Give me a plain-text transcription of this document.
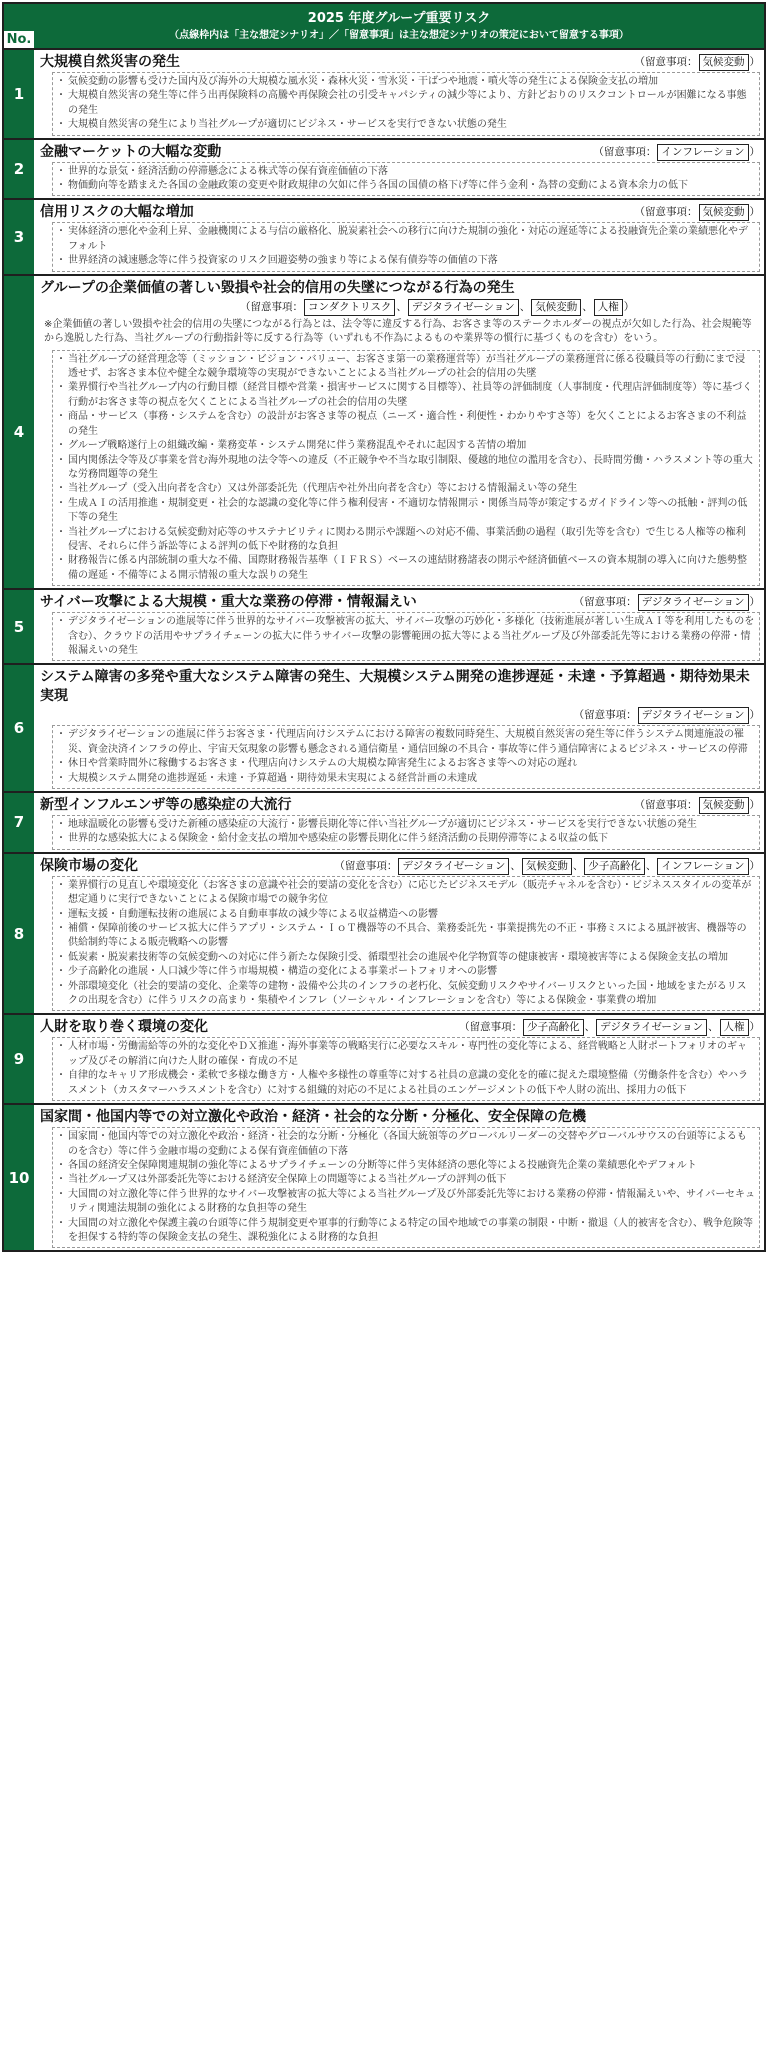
No.
2025 年度グループ重要リスク
（点線枠内は「主な想定シナリオ」／「留意事項」は主な想定シナリオの策定において留意する事項）
1
大規模自然災害の発生	（留意事項： 気候変動 ）
・ 気候変動の影響も受けた国内及び海外の大規模な風水災・森林火災・雪氷災・干ばつや地震・噴火等の発生による保険金支払の増加
・ 大規模自然災害の発生等に伴う出再保険料の高騰や再保険会社の引受キャパシティの減少等により、方針どおりのリスクコントロールが困難になる事態の発生
・ 大規模自然災害の発生により当社グループが適切にビジネス・サービスを実行できない状態の発生
2
金融マーケットの大幅な変動	（留意事項： インフレーション ）
・ 世界的な景気・経済活動の停滞懸念による株式等の保有資産価値の下落
・ 物価動向等を踏まえた各国の金融政策の変更や財政規律の欠如に伴う各国の国債の格下げ等に伴う金利・為替の変動による資本余力の低下
3
信用リスクの大幅な増加	（留意事項： 気候変動 ）
・ 実体経済の悪化や金利上昇、金融機関による与信の厳格化、脱炭素社会への移行に向けた規制の強化・対応の遅延等による投融資先企業の業績悪化やデフォルト
・ 世界経済の減速懸念等に伴う投資家のリスク回避姿勢の強まり等による保有債券等の価値の下落
4
グループの企業価値の著しい毀損や社会的信用の失墜につながる行為の発生
（留意事項： コンダクトリスク 、 デジタライゼーション 、 気候変動 、 人権 ）
※企業価値の著しい毀損や社会的信用の失墜につながる行為とは、法令等に違反する行為、お客さま等のステークホルダーの視点が欠如した行為、社会規範等から逸脱した行為、当社グループの行動指針等に反する行為等（いずれも不作為によるものや業界等の慣行に基づくものを含む）をいう。
・ 当社グループの経営理念等（ミッション・ビジョン・バリュー、お客さま第一の業務運営等）が当社グループの業務運営に係る役職員等の行動にまで浸透せず、お客さま本位や健全な競争環境等の実現ができないことによる当社グループの社会的信用の失墜
・ 業界慣行や当社グループ内の行動目標（経営目標や営業・損害サービスに関する目標等）、社員等の評価制度（人事制度・代理店評価制度等）等に基づく行動がお客さま等の視点を欠くことによる当社グループの社会的信用の失墜
・ 商品・サービス（事務・システムを含む）の設計がお客さま等の視点（ニーズ・適合性・利便性・わかりやすさ等）を欠くことによるお客さまの不利益の発生
・ グループ戦略遂行上の組織改編・業務変革・システム開発に伴う業務混乱やそれに起因する苦情の増加
・ 国内関係法令等及び事業を営む海外現地の法令等への違反（不正競争や不当な取引制限、優越的地位の濫用を含む）、長時間労働・ハラスメント等の重大な労務問題等の発生
・ 当社グループ（受入出向者を含む）又は外部委託先（代理店や社外出向者を含む）等における情報漏えい等の発生
・ 生成ＡＩの活用推進・規制変更・社会的な認識の変化等に伴う権利侵害・不適切な情報開示・関係当局等が策定するガイドライン等への抵触・評判の低下等の発生
・ 当社グループにおける気候変動対応等のサステナビリティに関わる開示や課題への対応不備、事業活動の過程（取引先等を含む）で生じる人権等の権利侵害、それらに伴う訴訟等による評判の低下や財務的な負担
・ 財務報告に係る内部統制の重大な不備、国際財務報告基準（ＩＦＲＳ）ベースの連結財務諸表の開示や経済価値ベースの資本規制の導入に向けた態勢整備の遅延・不備等による開示情報の重大な誤りの発生
5
サイバー攻撃による大規模・重大な業務の停滞・情報漏えい	（留意事項： デジタライゼーション ）
・ デジタライゼーションの進展等に伴う世界的なサイバー攻撃被害の拡大、サイバー攻撃の巧妙化・多様化（技術進展が著しい生成ＡＩ等を利用したものを含む）、クラウドの活用やサプライチェーンの拡大に伴うサイバー攻撃の影響範囲の拡大等による当社グループ及び外部委託先等における業務の停滞・情報漏えいの発生
6
システム障害の多発や重大なシステム障害の発生、大規模システム開発の進捗遅延・未達・予算超過・期待効果未実現
（留意事項： デジタライゼーション ）
・ デジタライゼーションの進展に伴うお客さま・代理店向けシステムにおける障害の複数同時発生、大規模自然災害の発生等に伴うシステム関連施設の罹災、資金決済インフラの停止、宇宙天気現象の影響も懸念される通信衛星・通信回線の不具合・事故等に伴う通信障害によるビジネス・サービスの停滞
・ 休日や営業時間外に稼働するお客さま・代理店向けシステムの大規模な障害発生によるお客さま等への対応の遅れ
・ 大規模システム開発の進捗遅延・未達・予算超過・期待効果未実現による経営計画の未達成
7
新型インフルエンザ等の感染症の大流行	（留意事項： 気候変動 ）
・ 地球温暖化の影響も受けた新種の感染症の大流行・影響長期化等に伴い当社グループが適切にビジネス・サービスを実行できない状態の発生
・ 世界的な感染拡大による保険金・給付金支払の増加や感染症の影響長期化に伴う経済活動の長期停滞等による収益の低下
8
保険市場の変化	（留意事項： デジタライゼーション 、 気候変動 、 少子高齢化 、 インフレーション ）
・ 業界慣行の見直しや環境変化（お客さまの意識や社会的要請の変化を含む）に応じたビジネスモデル（販売チャネルを含む）・ビジネススタイルの変革が想定通りに実行できないことによる保険市場での競争劣位
・ 運転支援・自動運転技術の進展による自動車事故の減少等による収益構造への影響
・ 補償・保障前後のサービス拡大に伴うアプリ・システム・ＩｏＴ機器等の不具合、業務委託先・事業提携先の不正・事務ミスによる風評被害、機器等の供給制約等による販売戦略への影響
・ 低炭素・脱炭素技術等の気候変動への対応に伴う新たな保険引受、循環型社会の進展や化学物質等の健康被害・環境被害等による保険金支払の増加
・ 少子高齢化の進展・人口減少等に伴う市場規模・構造の変化による事業ポートフォリオへの影響
・ 外部環境変化（社会的要請の変化、企業等の建物・設備や公共のインフラの老朽化、気候変動リスクやサイバーリスクといった国・地域をまたがるリスクの出現を含む）に伴うリスクの高まり・集積やインフレ（ソーシャル・インフレーションを含む）等による保険金・事業費の増加
9
人財を取り巻く環境の変化	（留意事項： 少子高齢化 、 デジタライゼーション 、 人権 ）
・ 人材市場・労働需給等の外的な変化やＤＸ推進・海外事業等の戦略実行に必要なスキル・専門性の変化等による、経営戦略と人財ポートフォリオのギャップ及びその解消に向けた人財の確保・育成の不足
・ 自律的なキャリア形成機会・柔軟で多様な働き方・人権や多様性の尊重等に対する社員の意識の変化を的確に捉えた環境整備（労働条件を含む）やハラスメント（カスタマーハラスメントを含む）に対する組織的対応の不足による社員のエンゲージメントの低下や人財の流出、採用力の低下
10
国家間・他国内等での対立激化や政治・経済・社会的な分断・分極化、安全保障の危機
・ 国家間・他国内等での対立激化や政治・経済・社会的な分断・分極化（各国大統領等のグローバルリーダーの交替やグローバルサウスの台頭等によるものを含む）等に伴う金融市場の変動による保有資産価値の下落
・ 各国の経済安全保障関連規制の強化等によるサプライチェーンの分断等に伴う実体経済の悪化等による投融資先企業の業績悪化やデフォルト
・ 当社グループ又は外部委託先等における経済安全保障上の問題等による当社グループの評判の低下
・ 大国間の対立激化等に伴う世界的なサイバー攻撃被害の拡大等による当社グループ及び外部委託先等における業務の停滞・情報漏えいや、サイバーセキュリティ関連法規制の強化による財務的な負担等の発生
・ 大国間の対立激化や保護主義の台頭等に伴う規制変更や軍事的行動等による特定の国や地域での事業の制限・中断・撤退（人的被害を含む）、戦争危険等を担保する特約等の保険金支払の発生、課税強化による財務的な負担
